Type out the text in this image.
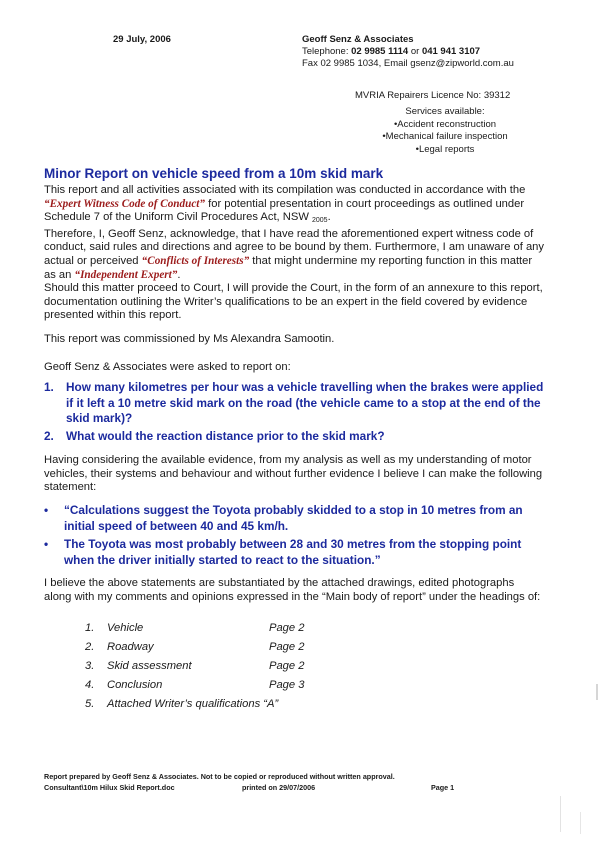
29 July, 2006	Geoff Senz & Associates
Telephone: 02 9985 1114 or 041 941 3107
Fax 02 9985 1034, Email gsenz@zipworld.com.au
MVRIA Repairers Licence No: 39312
Services available:
• Accident reconstruction
• Mechanical failure inspection
• Legal reports
Minor Report on vehicle speed from a 10m skid mark
This report and all activities associated with its compilation was conducted in accordance with the “Expert Witness Code of Conduct” for potential presentation in court proceedings as outlined under Schedule 7 of the Uniform Civil Procedures Act, NSW $_{2005}$.
Therefore, I, Geoff Senz, acknowledge, that I have read the aforementioned expert witness code of conduct, said rules and directions and agree to be bound by them. Furthermore, I am unaware of any actual or perceived “Conflicts of Interests” that might undermine my reporting function in this matter as an “Independent Expert”.
Should this matter proceed to Court, I will provide the Court, in the form of an annexure to this report, documentation outlining the Writer’s qualifications to be an expert in the field covered by evidence presented within this report.
This report was commissioned by Ms Alexandra Samootin.
Geoff Senz & Associates were asked to report on:
1. How many kilometres per hour was a vehicle travelling when the brakes were applied if it left a 10 metre skid mark on the road (the vehicle came to a stop at the end of the skid mark)?
2. What would the reaction distance prior to the skid mark?
Having considering the available evidence, from my analysis as well as my understanding of motor vehicles, their systems and behaviour and without further evidence I believe I can make the following statement:
• “Calculations suggest the Toyota probably skidded to a stop in 10 metres from an initial speed of between 40 and 45 km/h.
• The Toyota was most probably between 28 and 30 metres from the stopping point when the driver initially started to react to the situation.”
I believe the above statements are substantiated by the attached drawings, edited photographs along with my comments and opinions expressed in the “Main body of report” under the headings of:
1. Vehicle	Page 2
2. Roadway	Page 2
3. Skid assessment	Page 2
4. Conclusion	Page 3
5. Attached Writer’s qualifications “A”
Report prepared by Geoff Senz & Associates. Not to be copied or reproduced without written approval.
Consultant\10m Hilux Skid Report.doc	printed on 29/07/2006	Page 1
